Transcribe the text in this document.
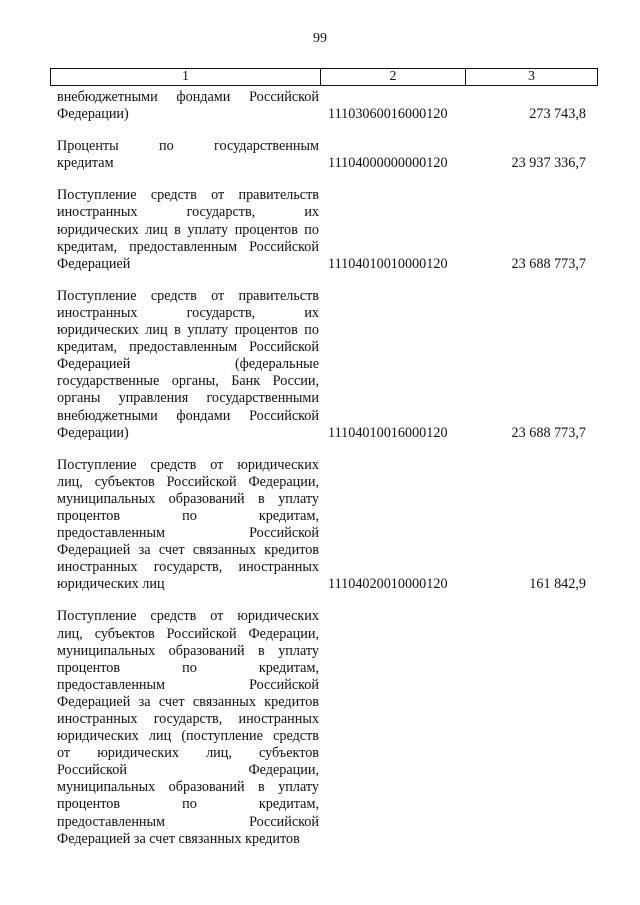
99
1	2	3
внебюджетными фондами Российской
Федерации)	11103060016000120	273 743,8
Проценты по государственным
кредитам	11104000000000120	23 937 336,7
Поступление средств от правительств
иностранных государств, их
юридических лиц в уплату процентов по
кредитам, предоставленным Российской
Федерацией	11104010010000120	23 688 773,7
Поступление средств от правительств
иностранных государств, их
юридических лиц в уплату процентов по
кредитам, предоставленным Российской
Федерацией (федеральные
государственные органы, Банк России,
органы управления государственными
внебюджетными фондами Российской
Федерации)	11104010016000120	23 688 773,7
Поступление средств от юридических
лиц, субъектов Российской Федерации,
муниципальных образований в уплату
процентов по кредитам,
предоставленным Российской
Федерацией за счет связанных кредитов
иностранных государств, иностранных
юридических лиц	11104020010000120	161 842,9
Поступление средств от юридических
лиц, субъектов Российской Федерации,
муниципальных образований в уплату
процентов по кредитам,
предоставленным Российской
Федерацией за счет связанных кредитов
иностранных государств, иностранных
юридических лиц (поступление средств
от юридических лиц, субъектов
Российской Федерации,
муниципальных образований в уплату
процентов по кредитам,
предоставленным Российской
Федерацией за счет связанных кредитов
